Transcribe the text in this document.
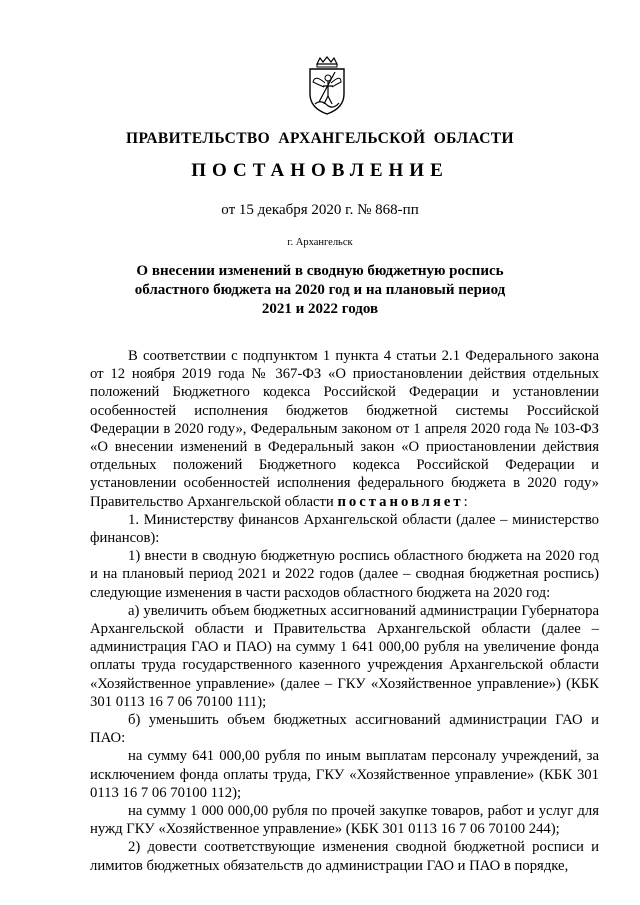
ПРАВИТЕЛЬСТВО АРХАНГЕЛЬСКОЙ ОБЛАСТИ
ПОСТАНОВЛЕНИЕ
от 15 декабря 2020 г. № 868-пп
г. Архангельск
О внесении изменений в сводную бюджетную роспись
областного бюджета на 2020 год и на плановый период
2021 и 2022 годов

В соответствии с подпунктом 1 пункта 4 статьи 2.1 Федерального закона от 12 ноября 2019 года № 367-ФЗ «О приостановлении действия отдельных положений Бюджетного кодекса Российской Федерации и установлении особенностей исполнения бюджетов бюджетной системы Российской Федерации в 2020 году», Федеральным законом от 1 апреля 2020 года № 103-ФЗ «О внесении изменений в Федеральный закон «О приостановлении действия отдельных положений Бюджетного кодекса Российской Федерации и установлении особенностей исполнения федерального бюджета в 2020 году» Правительство Архангельской области постановляет:

1. Министерству финансов Архангельской области (далее – министерство финансов):

1) внести в сводную бюджетную роспись областного бюджета на 2020 год и на плановый период 2021 и 2022 годов (далее – сводная бюджетная роспись) следующие изменения в части расходов областного бюджета на 2020 год:

а) увеличить объем бюджетных ассигнований администрации Губернатора Архангельской области и Правительства Архангельской области (далее – администрация ГАО и ПАО) на сумму 1 641 000,00 рубля на увеличение фонда оплаты труда государственного казенного учреждения Архангельской области «Хозяйственное управление» (далее – ГКУ «Хозяйственное управление») (КБК 301 0113 16 7 06 70100 111);

б) уменьшить объем бюджетных ассигнований администрации ГАО и ПАО:

на сумму 641 000,00 рубля по иным выплатам персоналу учреждений, за исключением фонда оплаты труда, ГКУ «Хозяйственное управление» (КБК 301 0113 16 7 06 70100 112);

на сумму 1 000 000,00 рубля по прочей закупке товаров, работ и услуг для нужд ГКУ «Хозяйственное управление» (КБК 301 0113 16 7 06 70100 244);

2) довести соответствующие изменения сводной бюджетной росписи и лимитов бюджетных обязательств до администрации ГАО и ПАО в порядке,
